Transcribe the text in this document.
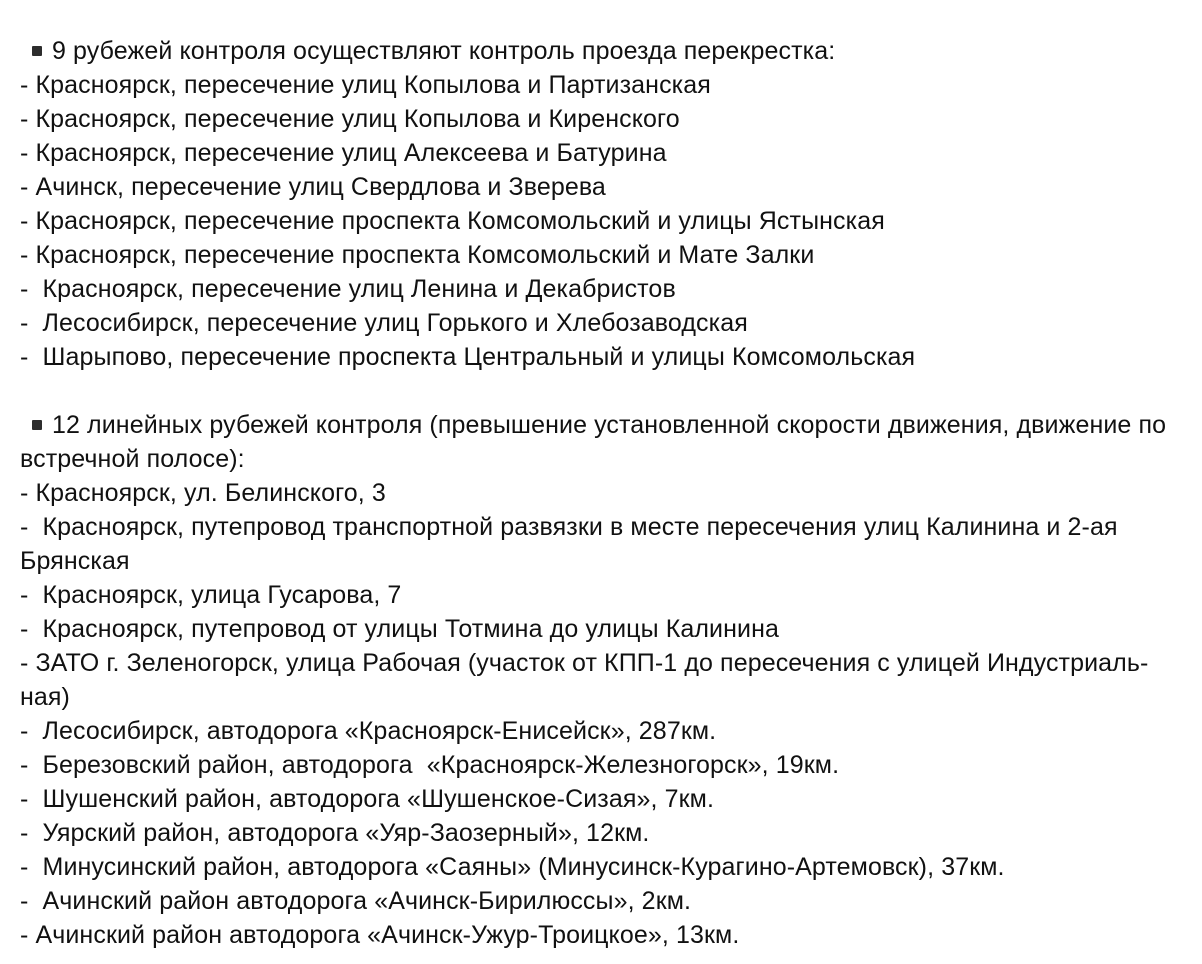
9 рубежей контроля осуществляют контроль проезда перекрестка:
- Красноярск, пересечение улиц Копылова и Партизанская
- Красноярск, пересечение улиц Копылова и Киренского
- Красноярск, пересечение улиц Алексеева и Батурина
- Ачинск, пересечение улиц Свердлова и Зверева
- Красноярск, пересечение проспекта Комсомольский и улицы Ястынская
- Красноярск, пересечение проспекта Комсомольский и Мате Залки
-  Красноярск, пересечение улиц Ленина и Декабристов
-  Лесосибирск, пересечение улиц Горького и Хлебозаводская
-  Шарыпово, пересечение проспекта Центральный и улицы Комсомольская
12 линейных рубежей контроля (превышение установленной скорости движения, движение по встречной полосе):
- Красноярск, ул. Белинского, 3
-  Красноярск, путепровод транспортной развязки в месте пересечения улиц Калинина и 2-ая Брянская
-  Красноярск, улица Гусарова, 7
-  Красноярск, путепровод от улицы Тотмина до улицы Калинина
- ЗАТО г. Зеленогорск, улица Рабочая (участок от КПП-1 до пересечения с улицей Индустриаль-ная)
-  Лесосибирск, автодорога «Красноярск-Енисейск», 287км.
-  Березовский район, автодорога  «Красноярск-Железногорск», 19км.
-  Шушенский район, автодорога «Шушенское-Сизая», 7км.
-  Уярский район, автодорога «Уяр-Заозерный», 12км.
-  Минусинский район, автодорога «Саяны» (Минусинск-Курагино-Артемовск), 37км.
-  Ачинский район автодорога «Ачинск-Бирилюссы», 2км.
- Ачинский район автодорога «Ачинск-Ужур-Троицкое», 13км.
